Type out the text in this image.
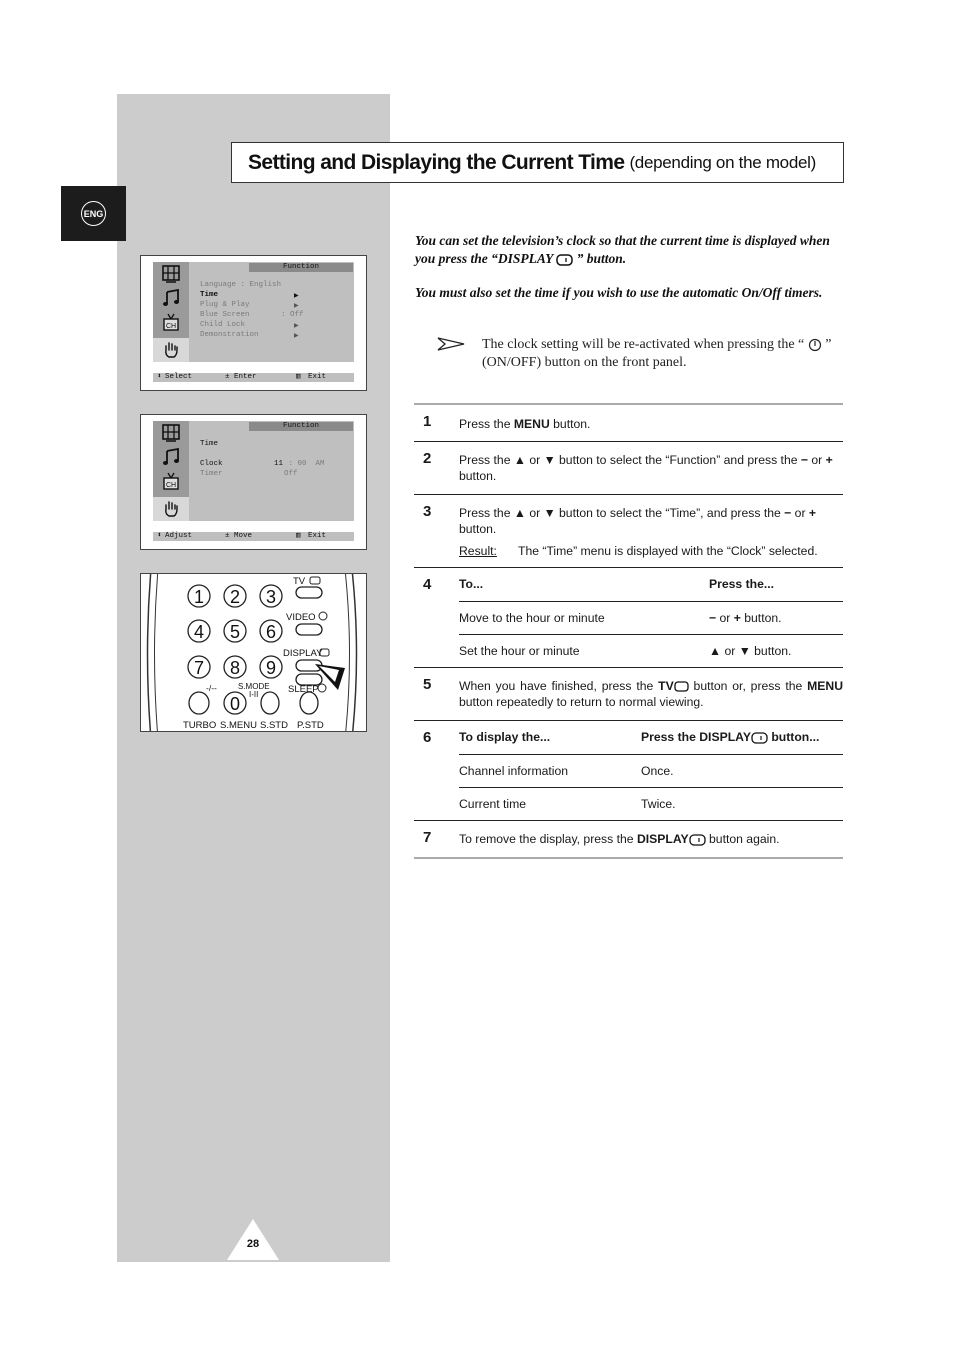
ENG
Setting and Displaying the Current Time (depending on the model)
CH
Function
Language : English
Time	▶
Plug & Play	▶
Blue Screen       : Off
Child Lock	▶
Demonstration	▶
⬍ Select	± Enter	▥ Exit
CH
Function
Time
Clock	11 : 00  AM
Timer	Off
⬍ Adjust	± Move	▥ Exit
1 2 3
4 5 6
7 8 9
0
TV
VIDEO
DISPLAY
-/--	S.MODE
I-II	SLEEP
TURBO S.MENU S.STD P.STD
You can set the television’s clock so that the current time is displayed when you press the “DISPLAY ” button.
You must also set the time if you wish to use the automatic On/Off timers.
The clock setting will be re-activated when pressing the “ ” (ON/OFF) button on the front panel.
1	Press the MENU button.
2	Press the ▲ or ▼ button to select the “Function” and press the − or + button.
3	Press the ▲ or ▼ button to select the “Time”, and press the − or + button.
Result:	The “Time” menu is displayed with the “Clock” selected.
4 To...	Press the...
Move to the hour or minute	− or + button.
Set the hour or minute	▲ or ▼ button.
5	When you have finished, press the TV button or, press the MENU button repeatedly to return to normal viewing.
6 To display the...	Press the DISPLAY button...
Channel information	Once.
Current time	Twice.
7	To remove the display, press the DISPLAY button again.
28
